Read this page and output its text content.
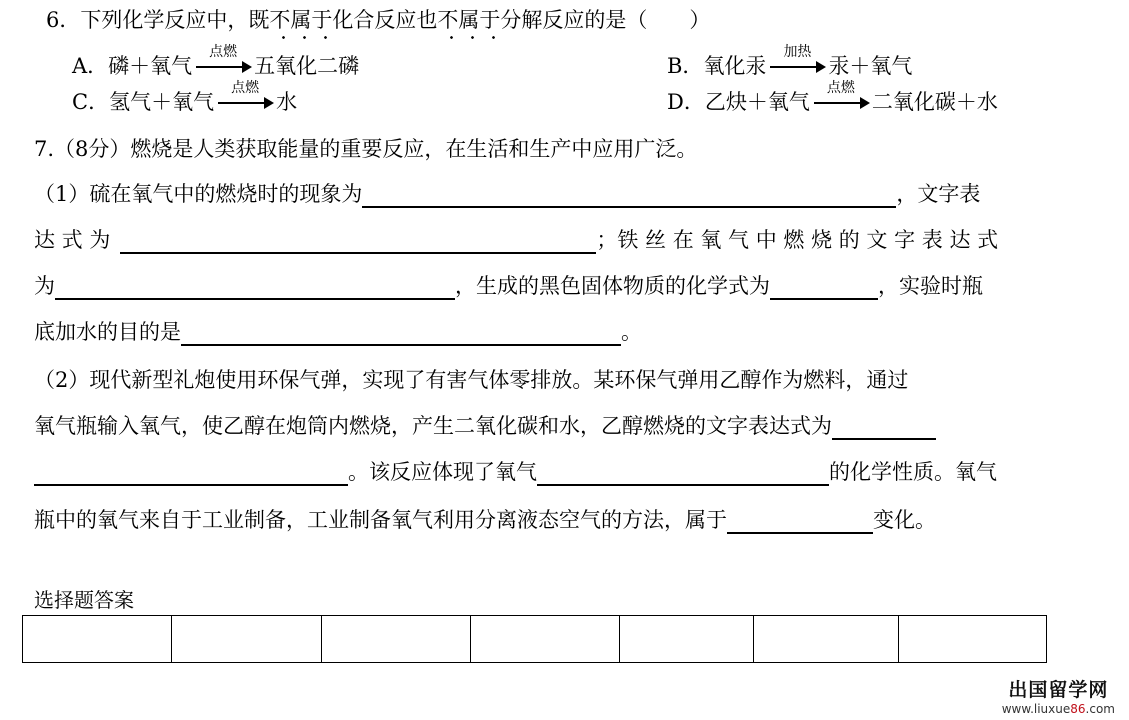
6．下列化学反应中，既不属于化合反应也不属于分解反应的是（　　）
A．磷＋氧气
点燃
五氧化二磷	B．氧化汞
加热
汞＋氧气
C．氢气＋氧气
点燃
水	D．乙炔＋氧气
点燃
二氧化碳＋水
7.（8分）燃烧是人类获取能量的重要反应，在生活和生产中应用广泛。
（1）硫在氧气中的燃烧时的现象为	，文字表
达 式 为	；铁 丝 在 氧 气 中 燃 烧 的 文 字 表 达 式
为	，生成的黑色固体物质的化学式为	，实验时瓶
底加水的目的是	。
（2）现代新型礼炮使用环保气弹，实现了有害气体零排放。某环保气弹用乙醇作为燃料，通过
氧气瓶输入氧气，使乙醇在炮筒内燃烧，产生二氧化碳和水，乙醇燃烧的文字表达式为
。该反应体现了氧气	的化学性质。氧气
瓶中的氧气来自于工业制备，工业制备氧气利用分离液态空气的方法，属于	变化。
选择题答案

出国留学网
www.liuxue86.com
